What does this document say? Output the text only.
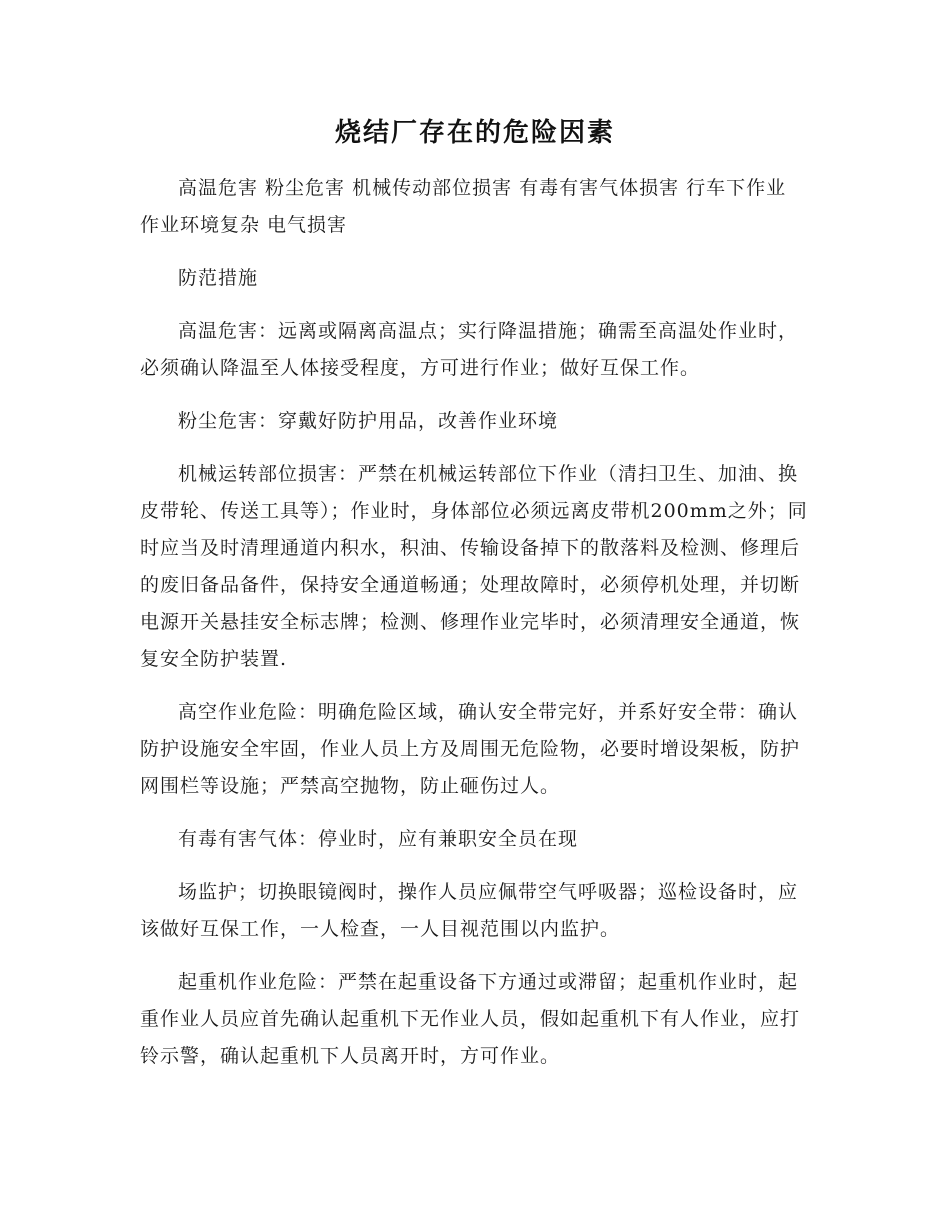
烧结厂存在的危险因素

高温危害 粉尘危害 机械传动部位损害 有毒有害气体损害 行车下作业 作业环境复杂 电气损害

防范措施

高温危害：远离或隔离高温点；实行降温措施；确需至高温处作业时，必须确认降温至人体接受程度，方可进行作业；做好互保工作。

粉尘危害：穿戴好防护用品，改善作业环境

机械运转部位损害：严禁在机械运转部位下作业（清扫卫生、加油、换皮带轮、传送工具等）；作业时，身体部位必须远离皮带机200mm之外；同时应当及时清理通道内积水，积油、传输设备掉下的散落料及检测、修理后的废旧备品备件，保持安全通道畅通；处理故障时，必须停机处理，并切断电源开关悬挂安全标志牌；检测、修理作业完毕时，必须清理安全通道，恢复安全防护装置.

高空作业危险：明确危险区域，确认安全带完好，并系好安全带：确认防护设施安全牢固，作业人员上方及周围无危险物，必要时增设架板，防护网围栏等设施；严禁高空抛物，防止砸伤过人。

有毒有害气体：停业时，应有兼职安全员在现

场监护；切换眼镜阀时，操作人员应佩带空气呼吸器；巡检设备时，应该做好互保工作，一人检查，一人目视范围以内监护。

起重机作业危险：严禁在起重设备下方通过或滞留；起重机作业时，起重作业人员应首先确认起重机下无作业人员，假如起重机下有人作业，应打铃示警，确认起重机下人员离开时，方可作业。
